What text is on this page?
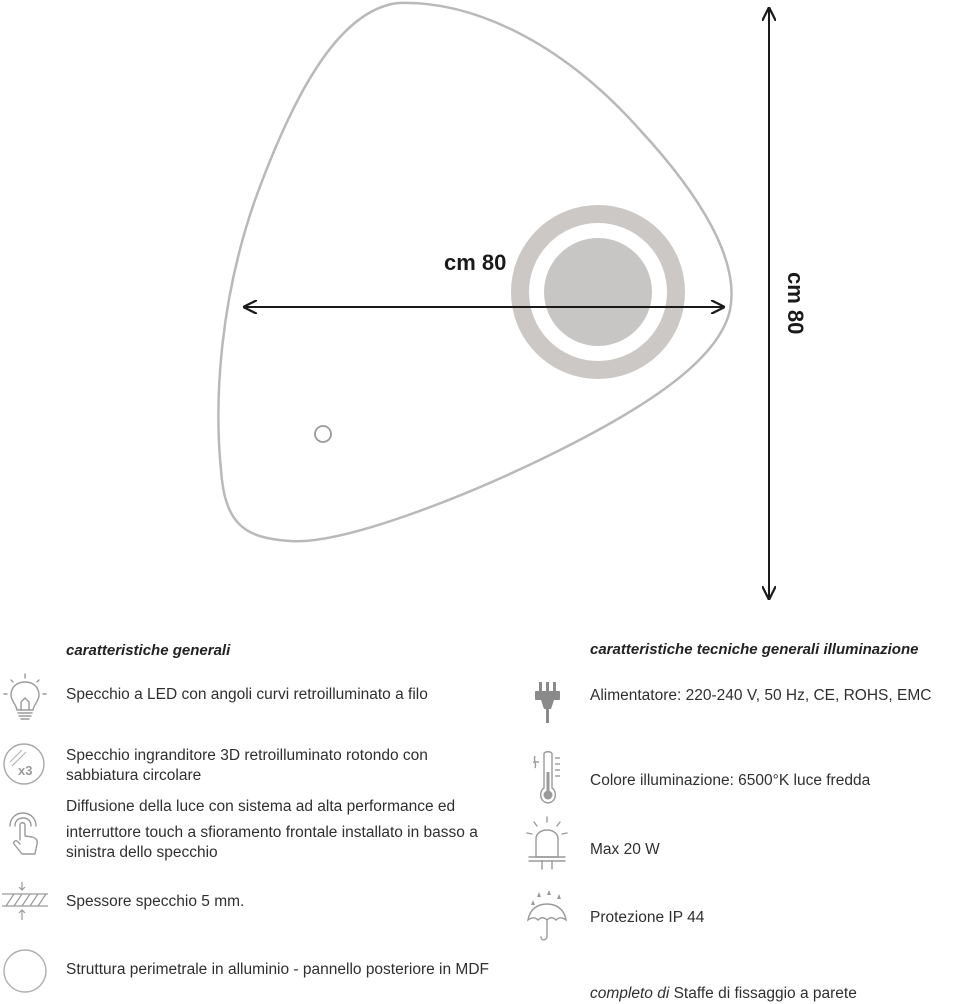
cm 80
cm 80
caratteristiche generali
Specchio a LED con angoli curvi retroilluminato a filo
x3
Specchio ingranditore 3D retroilluminato rotondo con
sabbiatura circolare
Diffusione della luce con sistema ad alta performance ed
interruttore touch a sfioramento frontale installato in basso a
sinistra dello specchio
Spessore specchio 5 mm.
Struttura perimetrale in alluminio - pannello posteriore in MDF
caratteristiche tecniche generali illuminazione
Alimentatore: 220-240 V, 50 Hz, CE, ROHS, EMC
Colore illuminazione: 6500°K luce fredda
Max 20 W
Protezione IP 44
completo di Staffe di fissaggio a parete
